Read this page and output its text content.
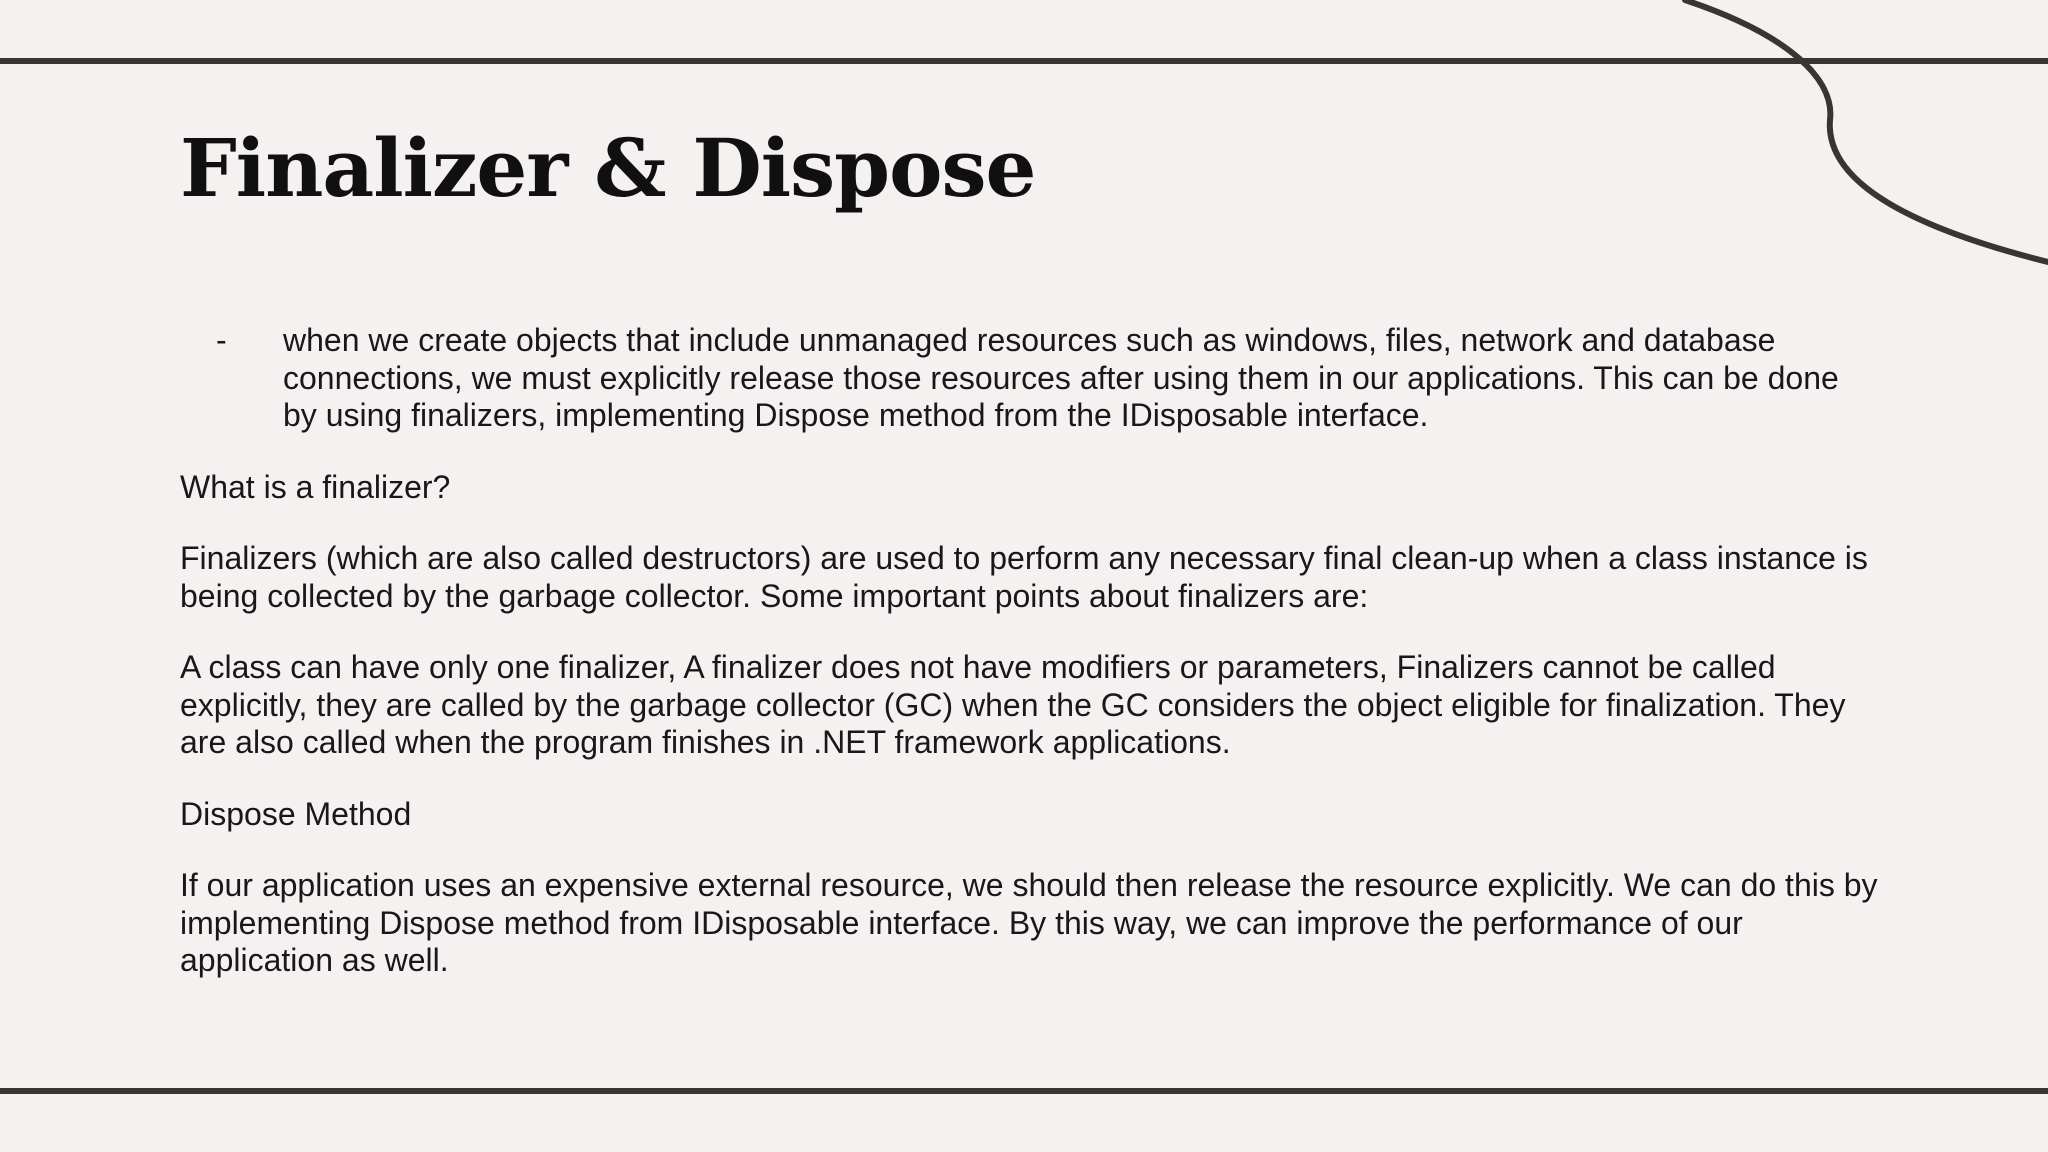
Finalizer & Dispose
-	when we create objects that include unmanaged resources such as windows, files, network and database connections, we must explicitly release those resources after using them in our applications. This can be done by using finalizers, implementing Dispose method from the IDisposable interface.

What is a finalizer?

Finalizers (which are also called destructors) are used to perform any necessary final clean-up when a class instance is being collected by the garbage collector. Some important points about finalizers are:

A class can have only one finalizer, A finalizer does not have modifiers or parameters, Finalizers cannot be called explicitly, they are called by the garbage collector (GC) when the GC considers the object eligible for finalization. They are also called when the program finishes in .NET framework applications.

Dispose Method

If our application uses an expensive external resource, we should then release the resource explicitly. We can do this by implementing Dispose method from IDisposable interface. By this way, we can improve the performance of our application as well.
